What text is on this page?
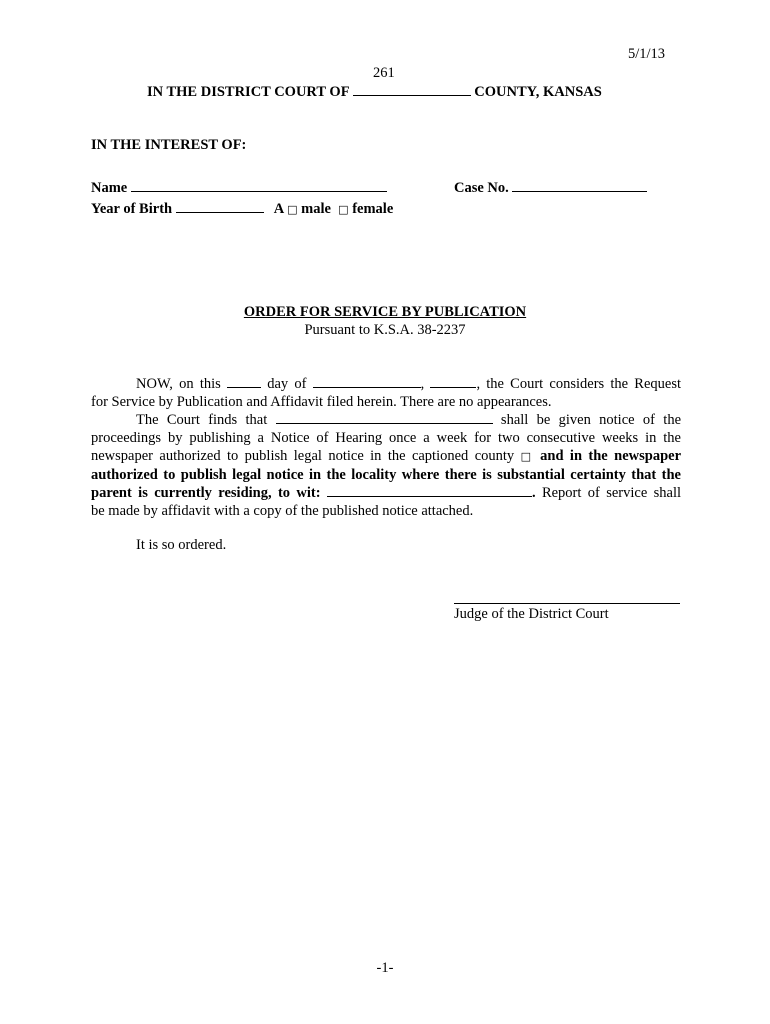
5/1/13
261
IN THE DISTRICT COURT OF	COUNTY, KANSAS
IN THE INTEREST OF:
Name	Case No.
Year of Birth	A □ male □ female
ORDER FOR SERVICE BY PUBLICATION
Pursuant to K.S.A. 38-2237
NOW, on this	day of	,	, the Court considers the Request
for Service by Publication and Affidavit filed herein. There are no appearances.
The Court finds that	shall be given notice of the
proceedings by publishing a Notice of Hearing once a week for two consecutive weeks in the
newspaper authorized to publish legal notice in the captioned county □ and in the newspaper
authorized to publish legal notice in the locality where there is substantial certainty that the
parent is currently residing, to wit:	. Report of service shall
be made by affidavit with a copy of the published notice attached.
It is so ordered.
Judge of the District Court
-1-
